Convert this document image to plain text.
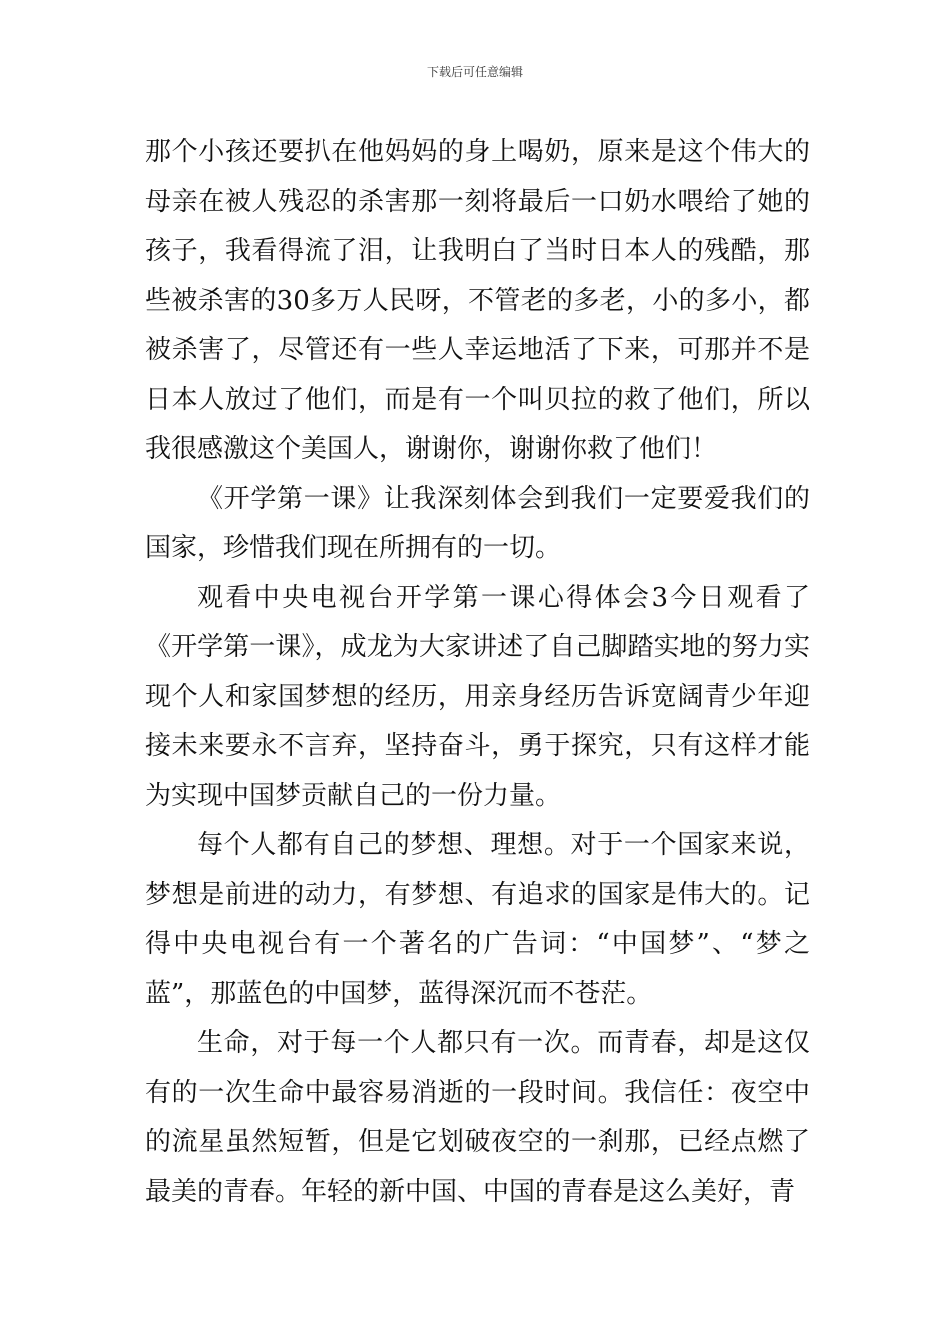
下载后可任意编辑

那个小孩还要扒在他妈妈的身上喝奶，原来是这个伟大的母亲在被人残忍的杀害那一刻将最后一口奶水喂给了她的孩子，我看得流了泪，让我明白了当时日本人的残酷，那些被杀害的30多万人民呀，不管老的多老，小的多小，都被杀害了，尽管还有一些人幸运地活了下来，可那并不是日本人放过了他们，而是有一个叫贝拉的救了他们，所以我很感激这个美国人，谢谢你，谢谢你救了他们！

《开学第一课》让我深刻体会到我们一定要爱我们的国家，珍惜我们现在所拥有的一切。

观看中央电视台开学第一课心得体会3今日观看了《开学第一课》，成龙为大家讲述了自己脚踏实地的努力实现个人和家国梦想的经历，用亲身经历告诉宽阔青少年迎接未来要永不言弃，坚持奋斗，勇于探究，只有这样才能为实现中国梦贡献自己的一份力量。

每个人都有自己的梦想、理想。对于一个国家来说，梦想是前进的动力，有梦想、有追求的国家是伟大的。记得中央电视台有一个著名的广告词：“中国梦”、“梦之蓝”，那蓝色的中国梦，蓝得深沉而不苍茫。

生命，对于每一个人都只有一次。而青春，却是这仅有的一次生命中最容易消逝的一段时间。我信任：夜空中的流星虽然短暂，但是它划破夜空的一刹那，已经点燃了最美的青春。年轻的新中国、中国的青春是这么美好，青
